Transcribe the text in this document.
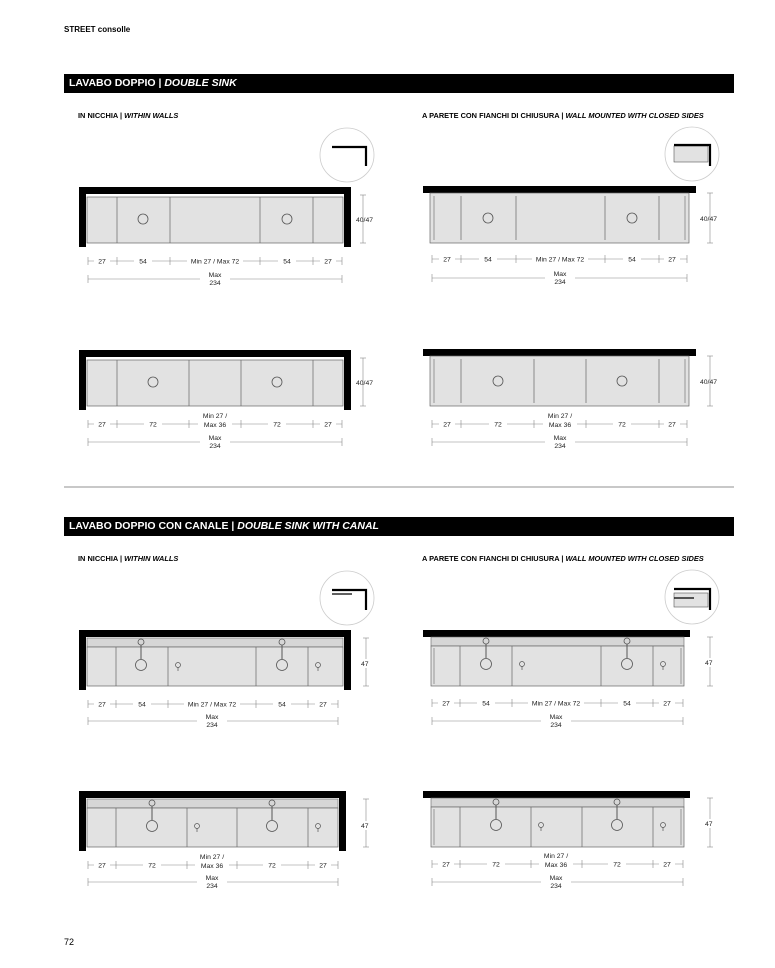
STREET consolle
LAVABO DOPPIO | DOUBLE SINK
IN NICCHIA | WITHIN WALLS	A PARETE CON FIANCHI DI CHIUSURA | WALL MOUNTED WITH CLOSED SIDES
LAVABO DOPPIO CON CANALE | DOUBLE SINK WITH CANAL
IN NICCHIA | WITHIN WALLS	A PARETE CON FIANCHI DI CHIUSURA | WALL MOUNTED WITH CLOSED SIDES
40/47
27	54	Min 27 / Max 72	54	27
Max
234
40/47
27	54	Min 27 / Max 72	54	27
Max
234
40/47
27	72
Min 27 /
Max 36	72	27
Max
234
40/47
27	72
Min 27 /
Max 36	72	27
Max
234
47
27	54	Min 27 / Max 72	54	27
Max
234
47
27	54	Min 27 / Max 72	54	27
Max
234
47
27	72
Min 27 /
Max 36	72	27
Max
234
47
27	72
Min 27 /
Max 36	72	27
Max
234
72
